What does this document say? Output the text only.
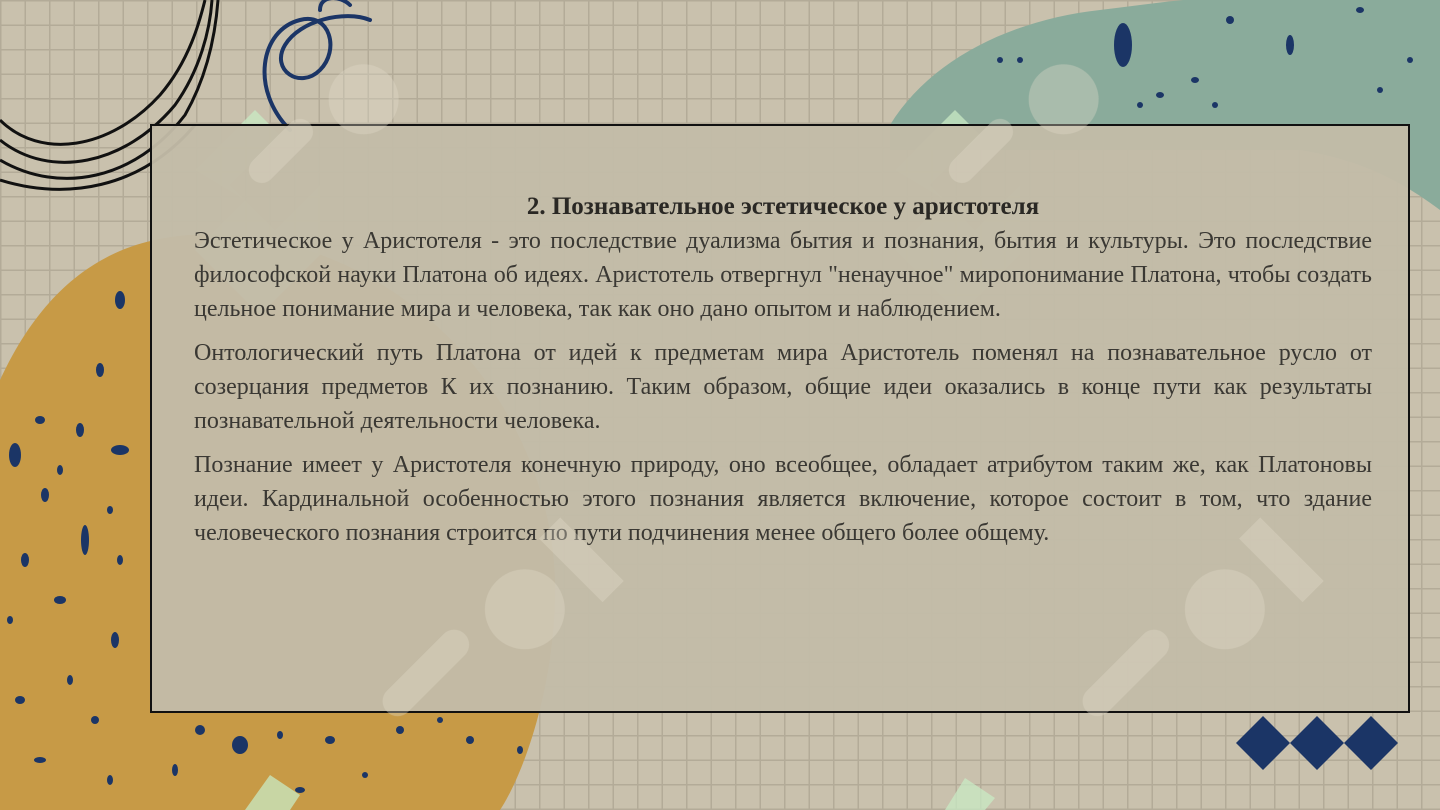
2. Познавательное эстетическое у аристотеля

Эстетическое у Аристотеля - это последствие дуализма бытия и познания, бытия и культуры. Это последствие философской науки Платона об идеях. Аристотель отвергнул "ненаучное" миропонимание Платона, чтобы создать цельное понимание мира и человека, так как оно дано опытом и наблюдением.

Онтологический путь Платона от идей к предметам мира Аристотель поменял на познавательное русло от созерцания предметов К их познанию. Таким образом, общие идеи оказались в конце пути как результаты познавательной деятельности человека.

Познание имеет у Аристотеля конечную природу, оно всеобщее, обладает атрибутом таким же, как Платоновы идеи. Кардинальной особенностью этого познания является включение, которое состоит в том, что здание человеческого познания строится по пути подчинения менее общего более общему.
